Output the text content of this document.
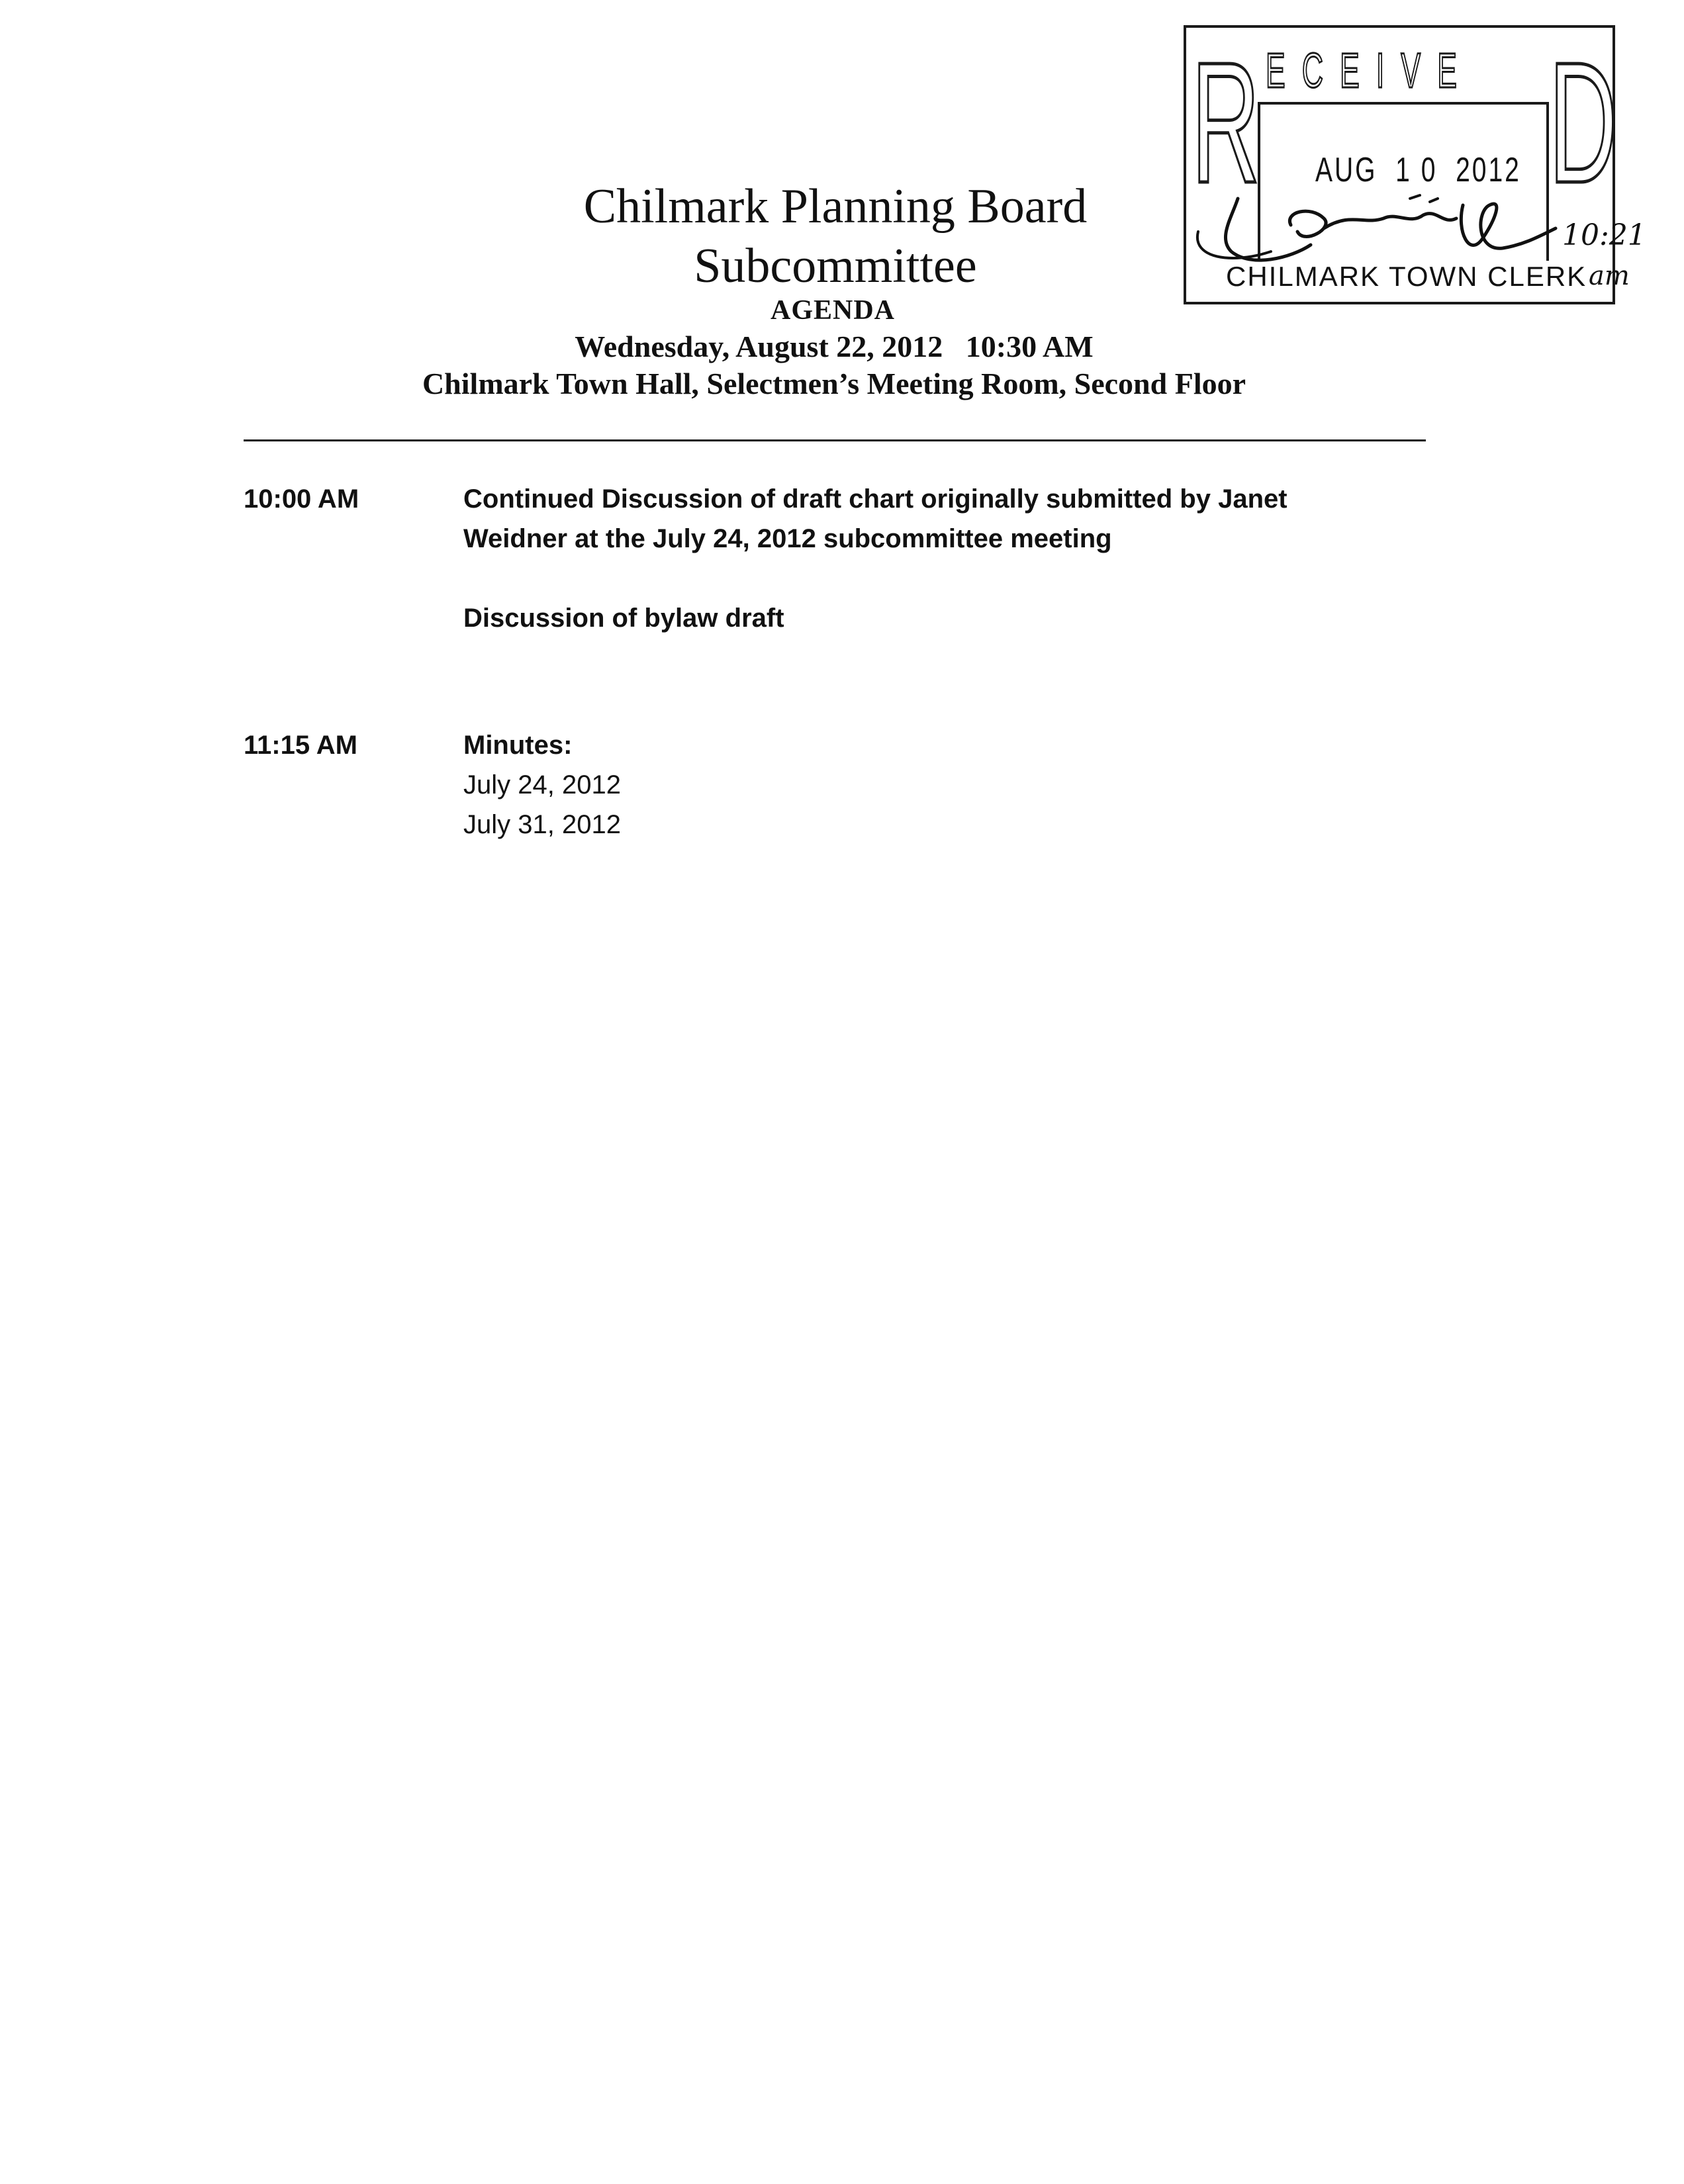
Chilmark Planning Board
Subcommittee
AGENDA
Wednesday, August 22, 2012   10:30 AM
Chilmark Town Hall, Selectmen’s Meeting Room, Second Floor
R ECEIVE D
AUG  1 0  2012
CHILMARK TOWN CLERK
10:21
am
10:00 AM	Continued Discussion of draft chart originally submitted by Janet
Weidner at the July 24, 2012 subcommittee meeting
Discussion of bylaw draft
11:15 AM	Minutes:
July 24, 2012
July 31, 2012
